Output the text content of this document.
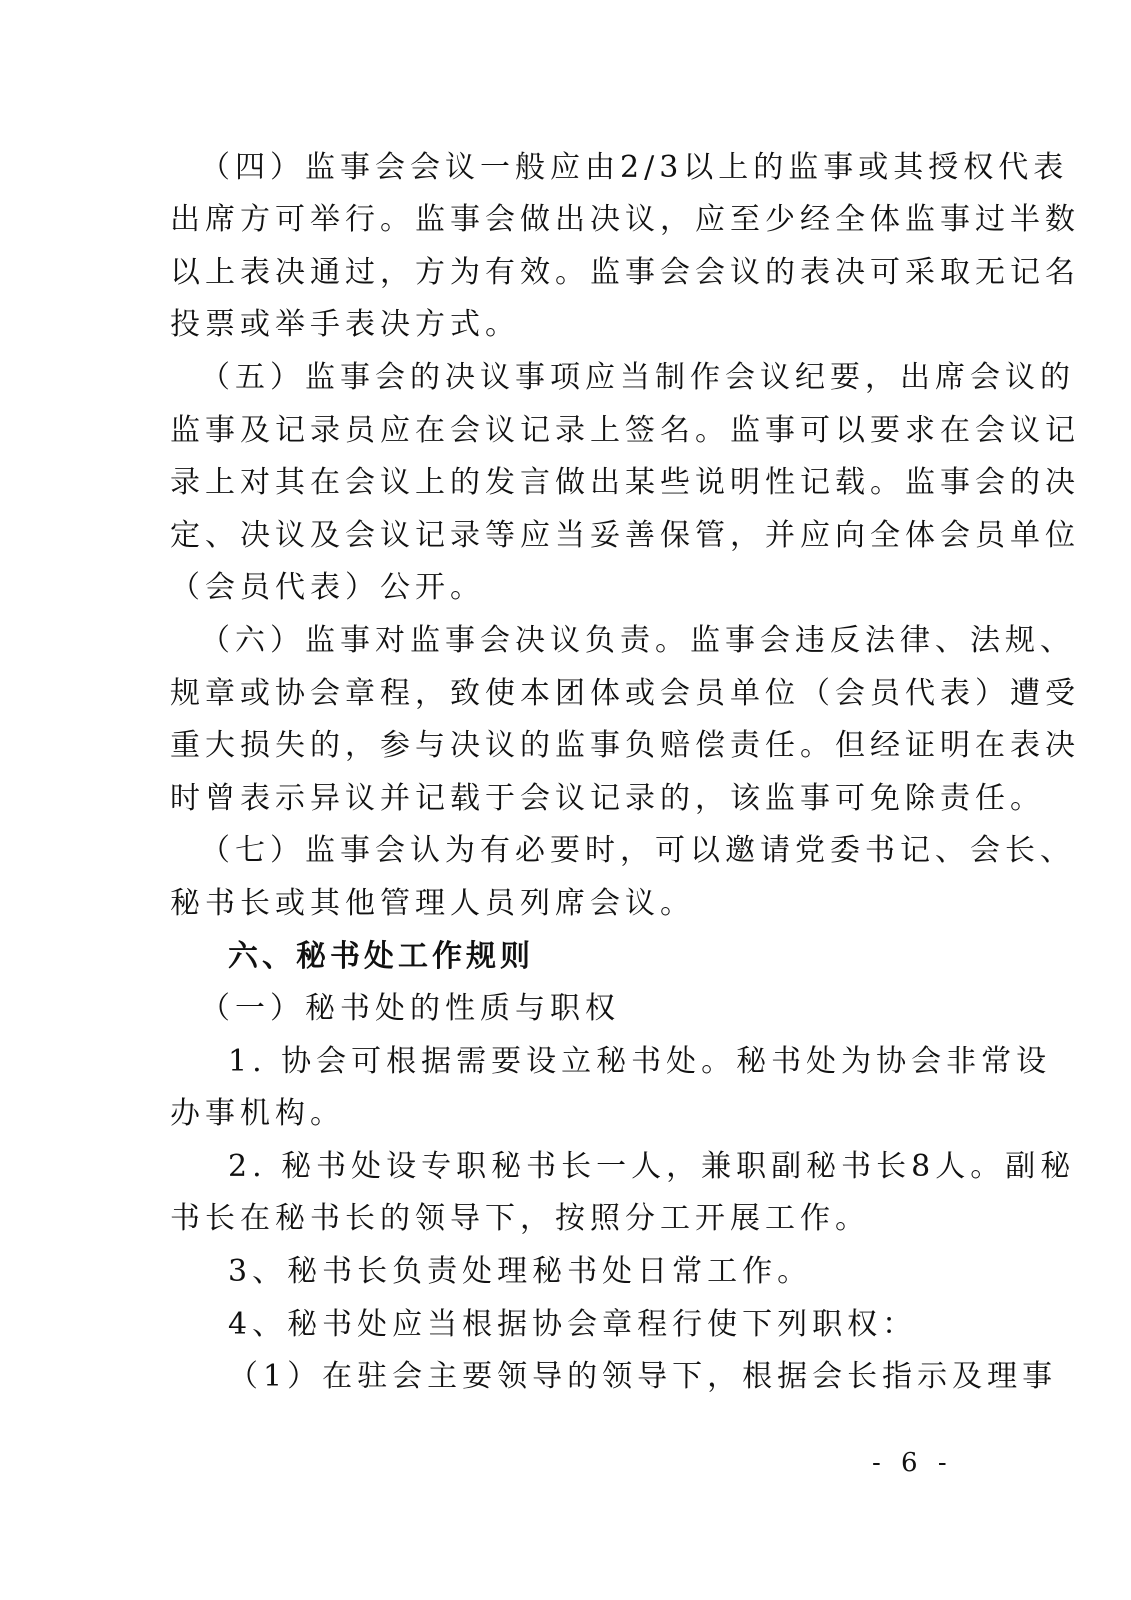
（四）监事会会议一般应由2/3以上的监事或其授权代表
出席方可举行。监事会做出决议，应至少经全体监事过半数
以上表决通过，方为有效。监事会会议的表决可采取无记名
投票或举手表决方式。
（五）监事会的决议事项应当制作会议纪要，出席会议的
监事及记录员应在会议记录上签名。监事可以要求在会议记
录上对其在会议上的发言做出某些说明性记载。监事会的决
定、决议及会议记录等应当妥善保管，并应向全体会员单位
（会员代表）公开。
（六）监事对监事会决议负责。监事会违反法律、法规、
规章或协会章程，致使本团体或会员单位（会员代表）遭受
重大损失的，参与决议的监事负赔偿责任。但经证明在表决
时曾表示异议并记载于会议记录的，该监事可免除责任。
（七）监事会认为有必要时，可以邀请党委书记、会长、
秘书长或其他管理人员列席会议。
六、秘书处工作规则
（一）秘书处的性质与职权
1. 协会可根据需要设立秘书处。秘书处为协会非常设
办事机构。
2. 秘书处设专职秘书长一人，兼职副秘书长8人。副秘
书长在秘书长的领导下，按照分工开展工作。
3、秘书长负责处理秘书处日常工作。
4、秘书处应当根据协会章程行使下列职权：
（1）在驻会主要领导的领导下，根据会长指示及理事
- 6 -
